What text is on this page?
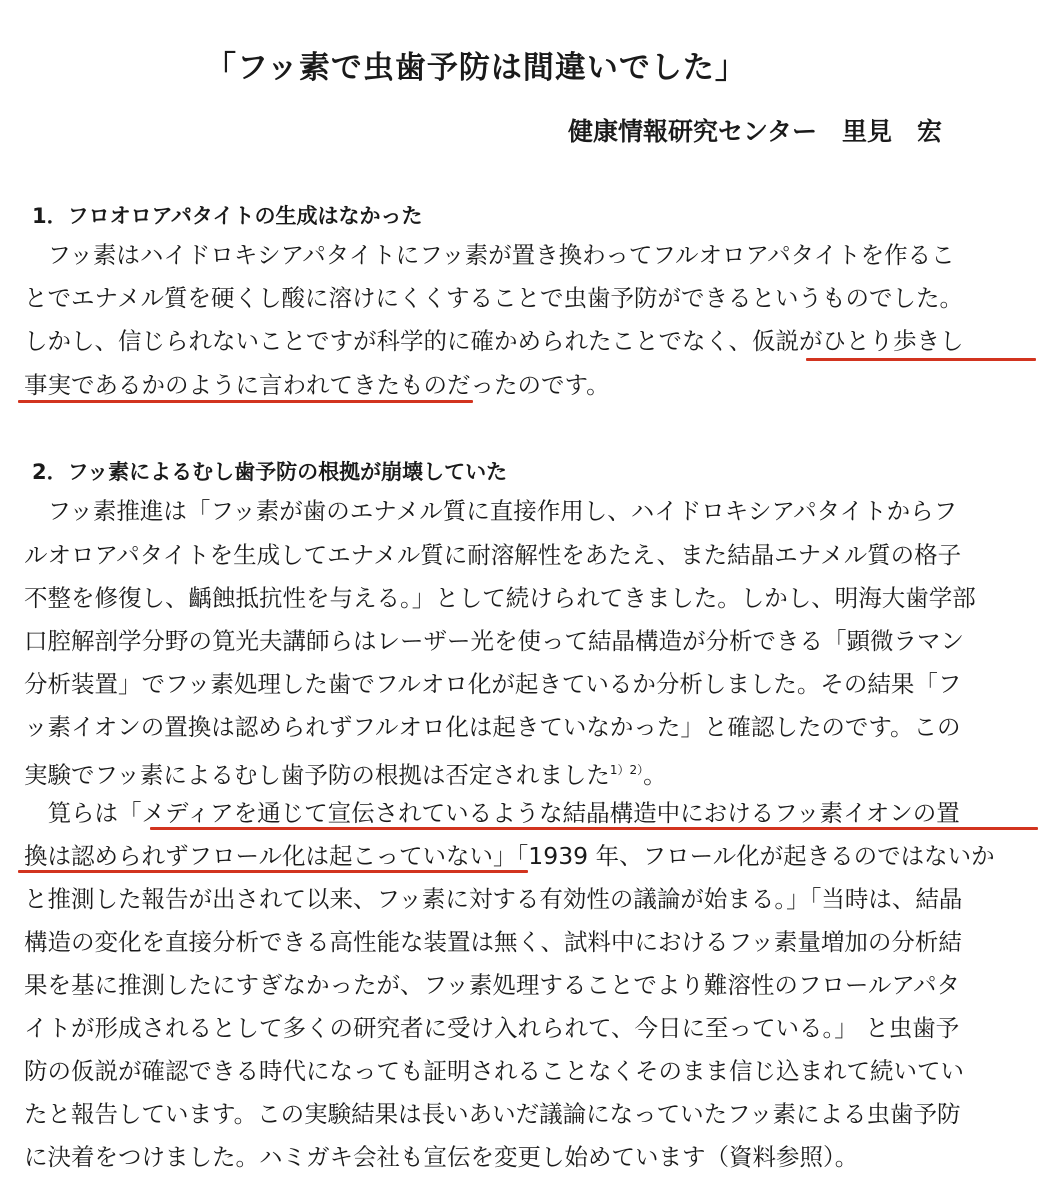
「フッ素で虫歯予防は間違いでした」
健康情報研究センター　里見　宏
1．フロオロアパタイトの生成はなかった
　フッ素はハイドロキシアパタイトにフッ素が置き換わってフルオロアパタイトを作るこ
とでエナメル質を硬くし酸に溶けにくくすることで虫歯予防ができるというものでした。
しかし、信じられないことですが科学的に確かめられたことでなく、仮説がひとり歩きし
事実であるかのように言われてきたものだったのです。
2．フッ素によるむし歯予防の根拠が崩壊していた
　フッ素推進は「フッ素が歯のエナメル質に直接作用し、ハイドロキシアパタイトからフ
ルオロアパタイトを生成してエナメル質に耐溶解性をあたえ、また結晶エナメル質の格子
不整を修復し、齲蝕抵抗性を与える。」として続けられてきました。しかし、明海大歯学部
口腔解剖学分野の筧光夫講師らはレーザー光を使って結晶構造が分析できる「顕微ラマン
分析装置」でフッ素処理した歯でフルオロ化が起きているか分析しました。その結果「フ
ッ素イオンの置換は認められずフルオロ化は起きていなかった」と確認したのです。この
実験でフッ素によるむし歯予防の根拠は否定されました$^{1)2)}$。
　筧らは「メディアを通じて宣伝されているような結晶構造中におけるフッ素イオンの置
換は認められずフロール化は起こっていない」「1939 年、フロール化が起きるのではないか
と推測した報告が出されて以来、フッ素に対する有効性の議論が始まる。」「当時は、結晶
構造の変化を直接分析できる高性能な装置は無く、試料中におけるフッ素量増加の分析結
果を基に推測したにすぎなかったが、フッ素処理することでより難溶性のフロールアパタ
イトが形成されるとして多くの研究者に受け入れられて、今日に至っている。」 と虫歯予
防の仮説が確認できる時代になっても証明されることなくそのまま信じ込まれて続いてい
たと報告しています。この実験結果は長いあいだ議論になっていたフッ素による虫歯予防
に決着をつけました。ハミガキ会社も宣伝を変更し始めています（資料参照）。
